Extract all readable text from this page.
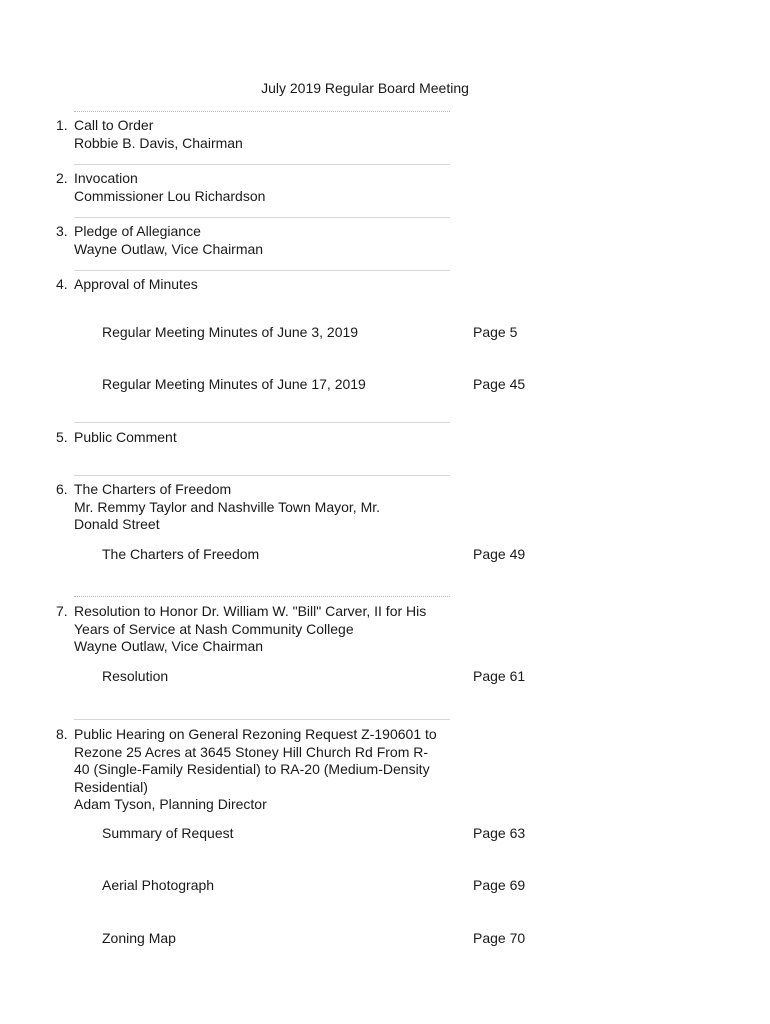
July 2019 Regular Board Meeting
1. Call to Order
Robbie B. Davis, Chairman
2. Invocation
Commissioner Lou Richardson
3. Pledge of Allegiance
Wayne Outlaw, Vice Chairman
4. Approval of Minutes
Regular Meeting Minutes of June 3, 2019	Page 5
Regular Meeting Minutes of June 17, 2019	Page 45
5. Public Comment
6. The Charters of Freedom
Mr. Remmy Taylor and Nashville Town Mayor, Mr.
Donald Street
The Charters of Freedom	Page 49
7. Resolution to Honor Dr. William W. "Bill" Carver, II for His
Years of Service at Nash Community College
Wayne Outlaw, Vice Chairman
Resolution	Page 61
8. Public Hearing on General Rezoning Request Z-190601 to
Rezone 25 Acres at 3645 Stoney Hill Church Rd From R-
40 (Single-Family Residential) to RA-20 (Medium-Density
Residential)
Adam Tyson, Planning Director
Summary of Request	Page 63
Aerial Photograph	Page 69
Zoning Map	Page 70
